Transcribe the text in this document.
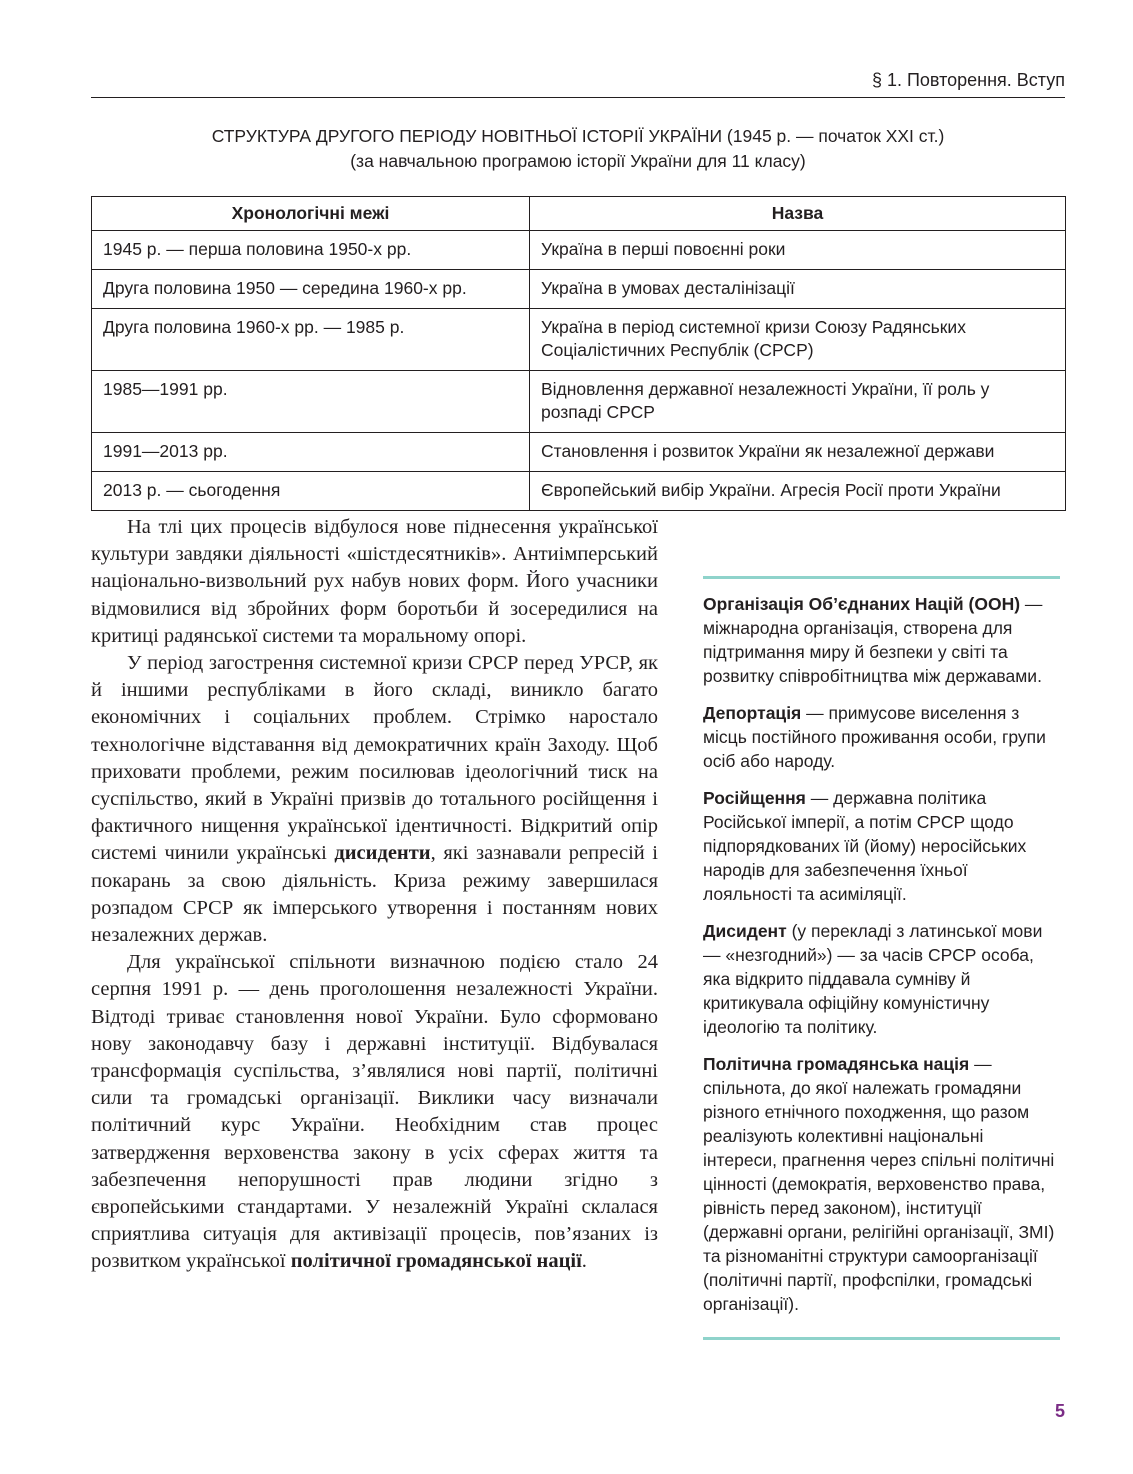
§ 1. Повторення. Вступ
СТРУКТУРА ДРУГОГО ПЕРІОДУ НОВІТНЬОЇ ІСТОРІЇ УКРАЇНИ (1945 р. — початок XXI ст.)
(за навчальною програмою історії України для 11 класу)
Хронологічні межі	Назва
1945 р. — перша половина 1950-х рр.	Україна в перші повоєнні роки
Друга половина 1950 — середина 1960-х рр.	Україна в умовах десталінізації
Друга половина 1960-х рр. — 1985 р.	Україна в період системної кризи Союзу Радянських Соціалістичних Республік (СРСР)
1985—1991 рр.	Відновлення державної незалежності України, її роль у розпаді СРСР
1991—2013 рр.	Становлення і розвиток України як незалежної держави
2013 р. — сьогодення	Європейський вибір України. Агресія Росії проти України

На тлі цих процесів відбулося нове піднесення української культури завдяки діяльності «шістдесятників». Антиімперський національно-визвольний рух набув нових форм. Його учасники відмовилися від збройних форм боротьби й зосередилися на критиці радянської системи та моральному опорі.

У період загострення системної кризи СРСР перед УРСР, як й іншими республіками в його складі, виникло багато економічних і соціальних проблем. Стрімко наростало технологічне відставання від демократичних країн Заходу. Щоб приховати проблеми, режим посилював ідеологічний тиск на суспільство, який в Україні призвів до тотального російщення і фактичного нищення української ідентичності. Відкритий опір системі чинили українські дисиденти, які зазнавали репресій і покарань за свою діяльність. Криза режиму завершилася розпадом СРСР як імперського утворення і постанням нових незалежних держав.

Для української спільноти визначною подією стало 24 серпня 1991 р. — день проголошення незалежності України. Відтоді триває становлення нової України. Було сформовано нову законодавчу базу і державні інституції. Відбувалася трансформація суспільства, з’являлися нові партії, політичні сили та громадські організації. Виклики часу визначали політичний курс України. Необхідним став процес затвердження верховенства закону в усіх сферах життя та забезпечення непорушності прав людини згідно з європейськими стандартами. У незалежній Україні склалася сприятлива ситуація для активізації процесів, пов’язаних із розвитком української політичної громадянської нації.

Організація Об’єднаних Націй (ООН) — міжнародна організація, створена для підтримання миру й безпеки у світі та розвитку співробітництва між державами.
Депортація — примусове виселення з місць постійного проживання особи, групи осіб або народу.
Російщення — державна політика Російської імперії, а потім СРСР щодо підпорядкованих їй (йому) неросійських народів для забезпечення їхньої лояльності та асиміляції.
Дисидент (у перекладі з латинської мови — «незгодний») — за часів СРСР особа, яка відкрито піддавала сумніву й критикувала офіційну комуністичну ідеологію та політику.
Політична громадянська нація — спільнота, до якої належать громадяни різного етнічного походження, що разом реалізують колективні національні інтереси, прагнення через спільні політичні цінності (демократія, верховенство права, рівність перед законом), інституції (державні органи, релігійні організації, ЗМІ) та різноманітні структури самоорганізації (політичні партії, профспілки, громадські організації).
5
